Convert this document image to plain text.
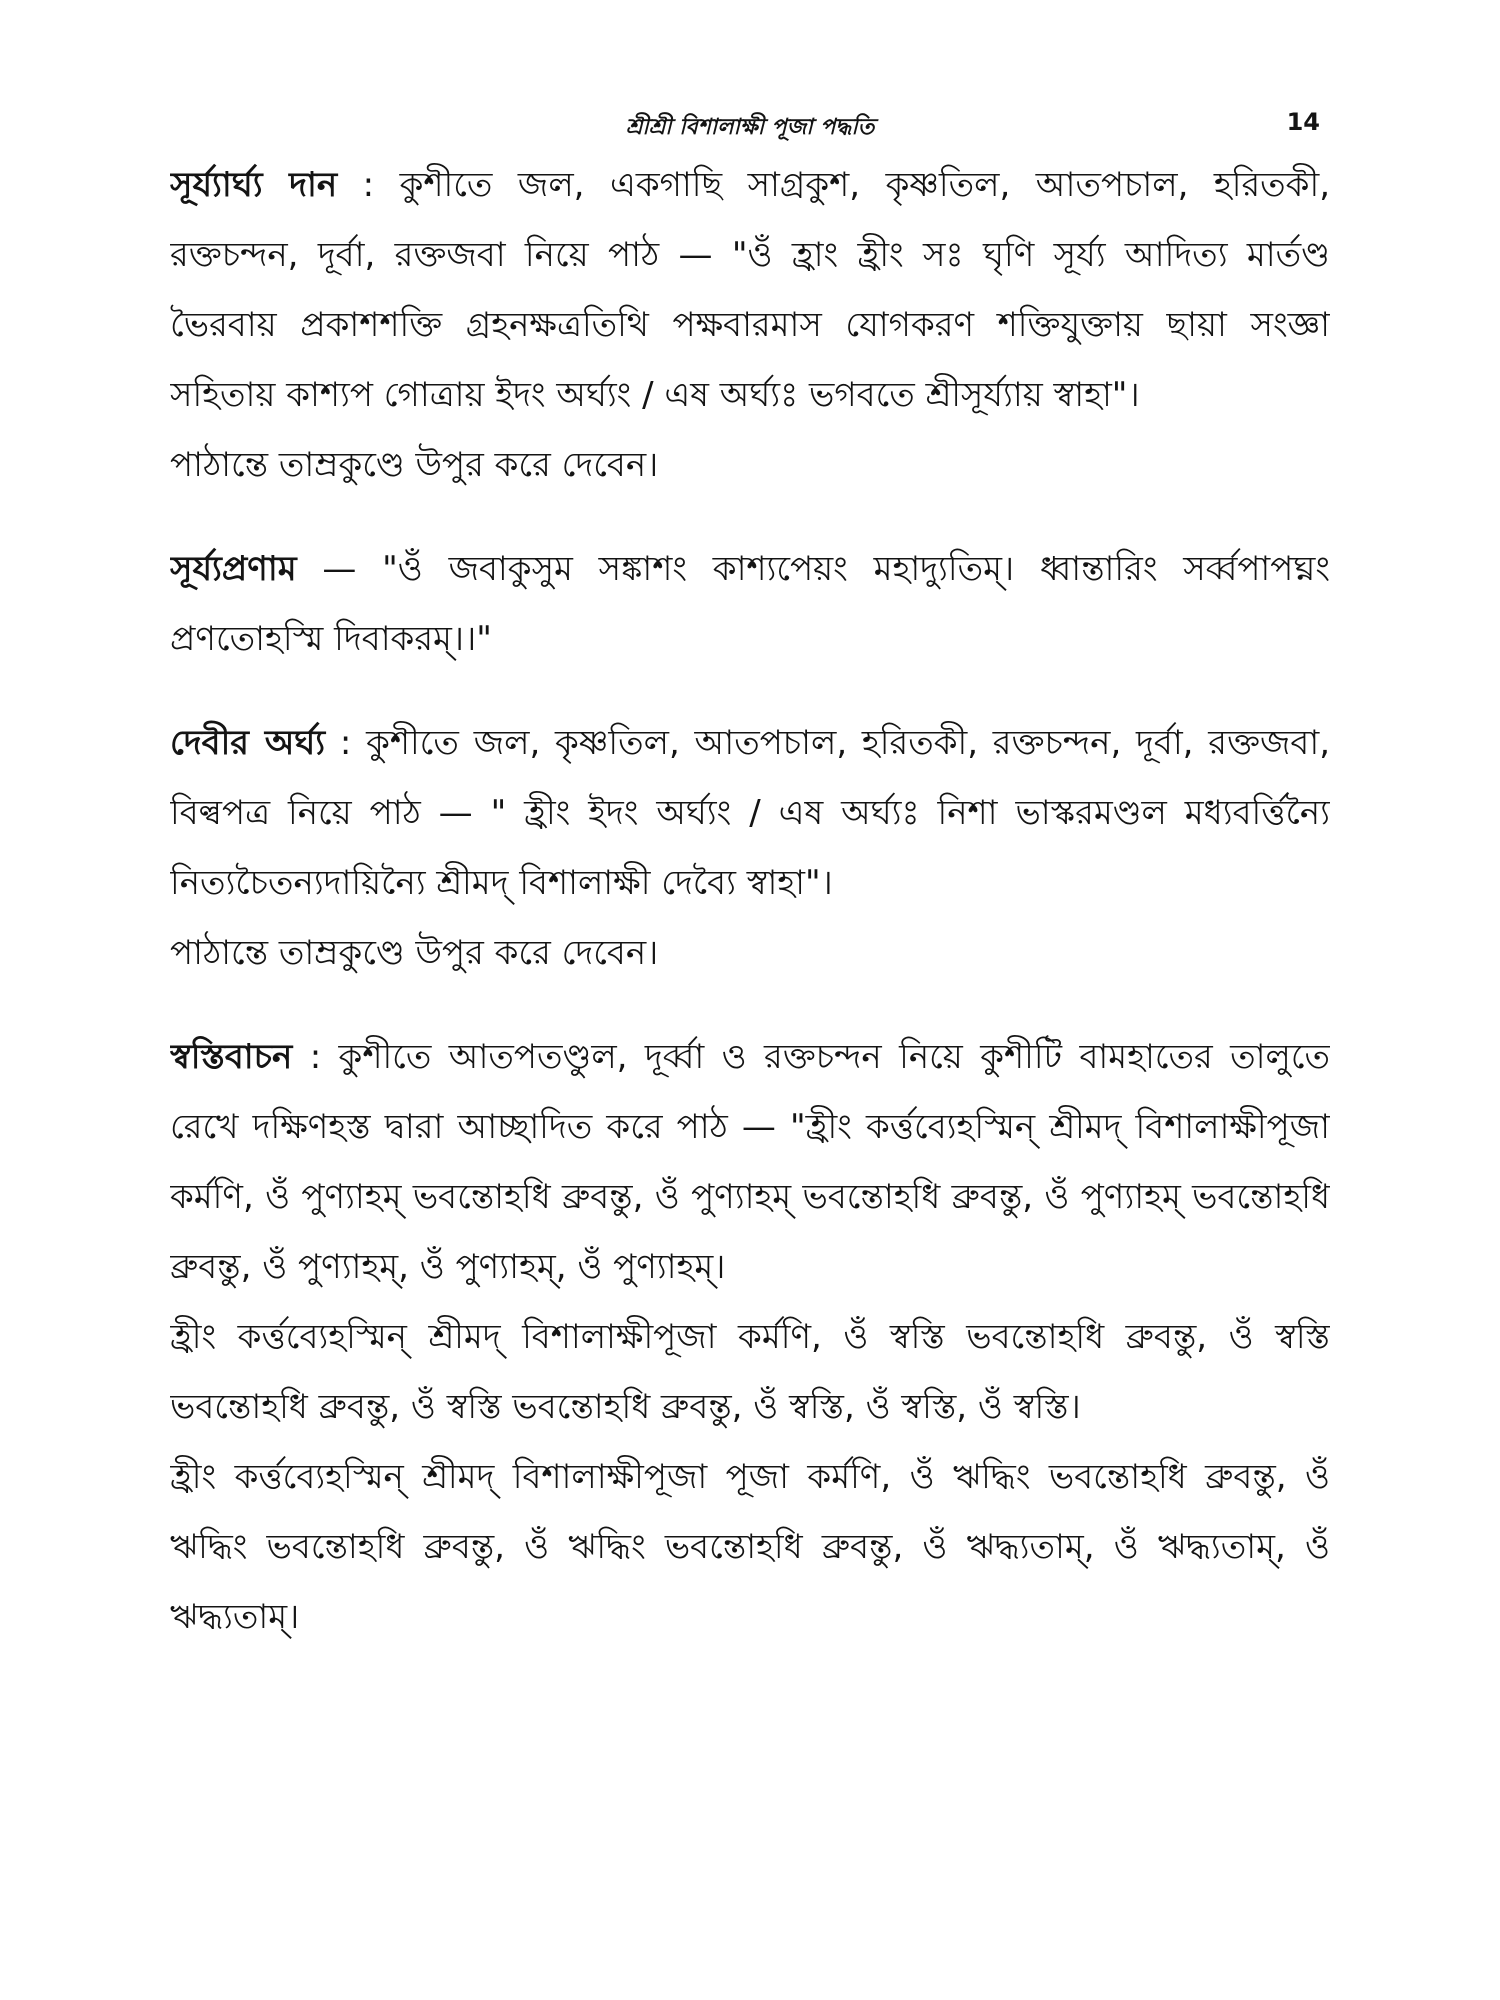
শ্রীশ্রী বিশালাক্ষী পূজা পদ্ধতি	14

সূর্য্যার্ঘ্য দান : কুশীতে জল, একগাছি সাগ্রকুশ, কৃষ্ণতিল, আতপচাল, হরিতকী, রক্তচন্দন, দূর্বা, রক্তজবা নিয়ে পাঠ — "ওঁ হ্রাং হ্রীং সঃ ঘৃণি সূর্য্য আদিত্য মার্তণ্ড ভৈরবায় প্রকাশশক্তি গ্রহনক্ষত্রতিথি পক্ষবারমাস যোগকরণ শক্তিযুক্তায় ছায়া সংজ্ঞা সহিতায় কাশ্যপ গোত্রায় ইদং অর্ঘ্যং / এষ অর্ঘ্যঃ ভগবতে শ্রীসূর্য্যায় স্বাহা"।

পাঠান্তে তাম্রকুণ্ডে উপুর করে দেবেন।

সূর্য্যপ্রণাম — "ওঁ জবাকুসুম সঙ্কাশং কাশ্যপেয়ং মহাদ্যুতিম্। ধ্বান্তারিং সর্ব্বপাপঘ্নং প্রণতোহস্মি দিবাকরম্।।"

দেবীর অর্ঘ্য : কুশীতে জল, কৃষ্ণতিল, আতপচাল, হরিতকী, রক্তচন্দন, দূর্বা, রক্তজবা, বিল্বপত্র নিয়ে পাঠ — " হ্রীং ইদং অর্ঘ্যং / এষ অর্ঘ্যঃ নিশা ভাস্করমণ্ডল মধ্যবর্ত্তিন্যৈ নিত্যচৈতন্যদায়িন্যৈ শ্রীমদ্ বিশালাক্ষী দেব্যৈ স্বাহা"।

পাঠান্তে তাম্রকুণ্ডে উপুর করে দেবেন।

স্বস্তিবাচন : কুশীতে আতপতণ্ডুল, দূর্ব্বা ও রক্তচন্দন নিয়ে কুশীটি বামহাতের তালুতে রেখে দক্ষিণহস্ত দ্বারা আচ্ছাদিত করে পাঠ — "হ্রীং কর্ত্তব্যেহস্মিন্ শ্রীমদ্ বিশালাক্ষীপূজা কর্মণি, ওঁ পুণ্যাহম্ ভবন্তোহধি ব্রুবন্তু, ওঁ পুণ্যাহম্ ভবন্তোহধি ব্রুবন্তু, ওঁ পুণ্যাহম্ ভবন্তোহধি ব্রুবন্তু, ওঁ পুণ্যাহম্, ওঁ পুণ্যাহম্, ওঁ পুণ্যাহম্।

হ্রীং কর্ত্তব্যেহস্মিন্ শ্রীমদ্ বিশালাক্ষীপূজা কর্মণি, ওঁ স্বস্তি ভবন্তোহধি ব্রুবন্তু, ওঁ স্বস্তি ভবন্তোহধি ব্রুবন্তু, ওঁ স্বস্তি ভবন্তোহধি ব্রুবন্তু, ওঁ স্বস্তি, ওঁ স্বস্তি, ওঁ স্বস্তি।

হ্রীং কর্ত্তব্যেহস্মিন্ শ্রীমদ্ বিশালাক্ষীপূজা পূজা কর্মণি, ওঁ ঋদ্ধিং ভবন্তোহধি ব্রুবন্তু, ওঁ ঋদ্ধিং ভবন্তোহধি ব্রুবন্তু, ওঁ ঋদ্ধিং ভবন্তোহধি ব্রুবন্তু, ওঁ ঋদ্ধ্যতাম্, ওঁ ঋদ্ধ্যতাম্, ওঁ ঋদ্ধ্যতাম্।
